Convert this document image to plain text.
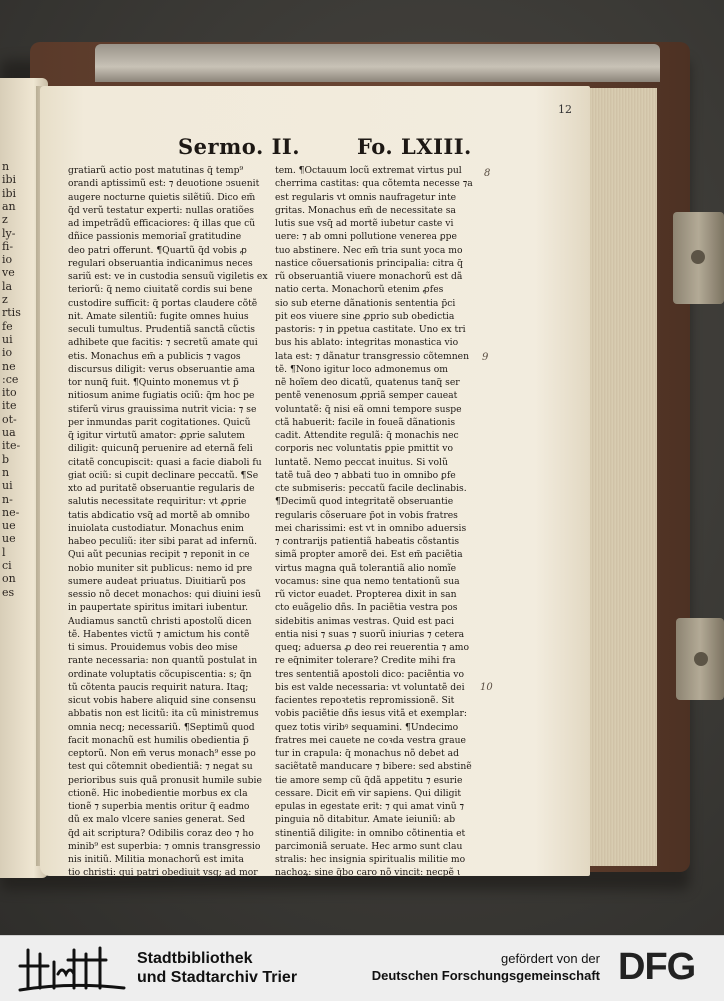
n
ibi
ibi
an
z
ly-
fi-
io
ve
la
z
rtis
fe
ui
io
ne
:ce
ito
ite
ot-
ua
ite-
b
n
ui
n-
ne-
ue
ue
l
ci
on
es
12
Sermo. II.	Fo. LXIII.
gratiarũ actio post matutinas q̃ temp⁹
orandi aptissimũ est: ⁊ deuotione ↄsuenit
augere nocturne quietis silẽtiũ. Dico em̃
q̃d verũ testatur experti: nullas oratiões
ad impetrãdũ efficaciores: q̃ illas que cũ
dñice passionis memoriaĩ gratitudine
deo patri offerunt. ¶Quartũ q̃d vobis ꝓ
regulari obseruantia indicanimus neces
sariũ est: ve in custodia sensuũ vigiletis ex
teriorũ: q̃ nemo ciuitatẽ cordis sui bene
custodire sufficit: q̃ portas claudere cõtẽ
nit. Amate silentiũ: fugite omnes huius
seculi tumultus. Prudentiã sanctã cũctis
adhibete que facitis: ⁊ secretũ amate qui
etis. Monachus em̃ a publicis ⁊ vagos
discursus diligit: verus obseruantie ama
tor nunq̃ fuit. ¶Quinto monemus vt p̃
nitiosum anime fugiatis ociũ: q̃m hoc pe
stiferũ virus grauissima nutrit vicia: ⁊ se
per inmundas parit cogitationes. Quicũ
q̃ igitur virtutũ amator: ꝓprie salutem
diligit: quicunq̃ peruenire ad eternã feli
citatẽ concupiscit: quasi a facie diaboli fu
giat ociũ: si cupit declinare peccatũ. ¶Se
xto ad puritatẽ obseruantie regularis de
salutis necessitate requiritur: vt ꝓprie
tatis abdicatio vsq̃ ad mortẽ ab omnibo
inuiolata custodiatur. Monachus enim
habeo peculiũ: iter sibi parat ad infernũ.
Qui aũt pecunias recipit ⁊ reponit in ce
nobio muniter sit publicus: nemo id pre
sumere audeat priuatus. Diuitiarũ pos
sessio nõ decet monachos: qui diuini iesũ
in paupertate spiritus imitari iubentur.
Audiamus sanctũ christi apostolũ dicen
tẽ. Habentes victũ ⁊ amictum his contẽ
ti simus. Prouidemus vobis deo mise
rante necessaria: non quantũ postulat in
ordinate voluptatis cõcupiscentia: s; q̃n
tũ cõtenta paucis requirit natura. Itaq;
sicut vobis habere aliquid sine consensu
abbatis non est licitũ: ita cũ ministremus
omnia necq; necessariũ. ¶Septimũ quod
facit monachũ est humilis obedientia p̃
ceptorũ. Non em̃ verus monach⁹ esse po
test qui cõtemnit obedientiã: ⁊ negat su
perioribus suis quã pronusit humile subie
ctionẽ. Hic inobedientie morbus ex cla
tionẽ ⁊ superbia mentis oritur q̃ eadmo
dũ ex malo vlcere sanies generat. Sed
q̃d ait scriptura? Odibilis coraz deo ⁊ ho
minib⁹ est superbia: ⁊ omnis transgressio
nis initiũ. Militia monachorũ est imita
tio christi: qui patri obediuit vsq; ad mor
tem. ¶Octauum locũ extremat virtus pul
cherrima castitas: qua cõtemta necesse ⁊a
est regularis vt omnis naufragetur inte
gritas. Monachus em̃ de necessitate sa
lutis sue vsq̃ ad mortẽ iubetur caste vi
uere: ⁊ ab omni pollutione venerea ꝑpe
tuo abstinere. Nec em̃ tria sunt yoca mo
nastice cõuersationis principalia: citra q̃
rũ obseruantiã viuere monachorũ est dã
natio certa. Monachorũ etenim ꝓfes
sio sub eterne dãnationis sententia p̃ci
pit eos viuere sine ꝓprio sub obedictia
pastoris: ⁊ in ꝑpetua castitate. Uno ex tri
bus his ablato: integritas monastica vio
lata est: ⁊ dãnatur transgressio cõtemnen
tẽ. ¶Nono igitur loco admonemus om
nẽ hoĩem deo dicatũ, quatenus tanq̃ ser
pentẽ venenosum ꝓpriã semper caueat
voluntatẽ: q̃ nisi eã omni tempore suspe
ctã habuerit: facile in foueã dãnationis
cadit. Attendite regulã: q̃ monachis nec
corporis nec voluntatis ꝑpie pmittit vo
luntatẽ. Nemo peccat inuitus. Si volũ
tatẽ tuã deo ⁊ abbati tuo in omnibo ꝑfe
cte submiseris: peccatũ facile declinabis.
¶Decimũ quod integritatẽ obseruantie
regularis cõseruare p̃ot in vobis fratres
mei charissimi: est vt in omnibo aduersis
⁊ contrarijs patientiã habeatis cõstantis
simã propter amorẽ dei. Est em̃ paciẽtia
virtus magna quã tolerantiã alio nomĩe
vocamus: sine qua nemo tentationũ sua
rũ victor euadet. Propterea dixit in san
cto euãgelio dñs. In paciẽtia vestra pos
sidebitis animas vestras. Quid est paci
entia nisi ⁊ suas ⁊ suorũ iniurias ⁊ cetera
queq; aduersa ꝓ deo rei reuerentia ⁊ amo
re eq̃nimiter tolerare? Credite mihi fra
tres sententiã apostoli dico: paciẽntia vo
bis est valde necessaria: vt voluntatẽ dei
facientes repoꝛtetis repromissionẽ. Sit
vobis paciẽtie dñs iesus vitã et exemplar:
quez totis viribꝰ sequamini. ¶Undecimo
fratres mei cauete ne coꝛda vestra graue
tur in crapula: q̃ monachus nõ debet ad
saciẽtatẽ manducare ⁊ bibere: sed abstinẽ
tie amore semp cũ q̃dã appetitu ⁊ esurie
cessare. Dicit em̃ vir sapiens. Qui diligit
epulas in egestate erit: ⁊ qui amat vinũ ⁊
pinguia nõ ditabitur. Amate ieiuniũ: ab
stinentiã diligite: in omnibo cõtinentia et
parcimoniã seruate. Hec armo sunt clau
stralis: hec insignia spiritualis militie mo
nachoꝝ: sine q̃bo caro nõ vincit: necpẽ ι
8
9
10
Stadtbibliothek
und Stadtarchiv Trier
gefördert von der
Deutschen Forschungsgemeinschaft DFG
